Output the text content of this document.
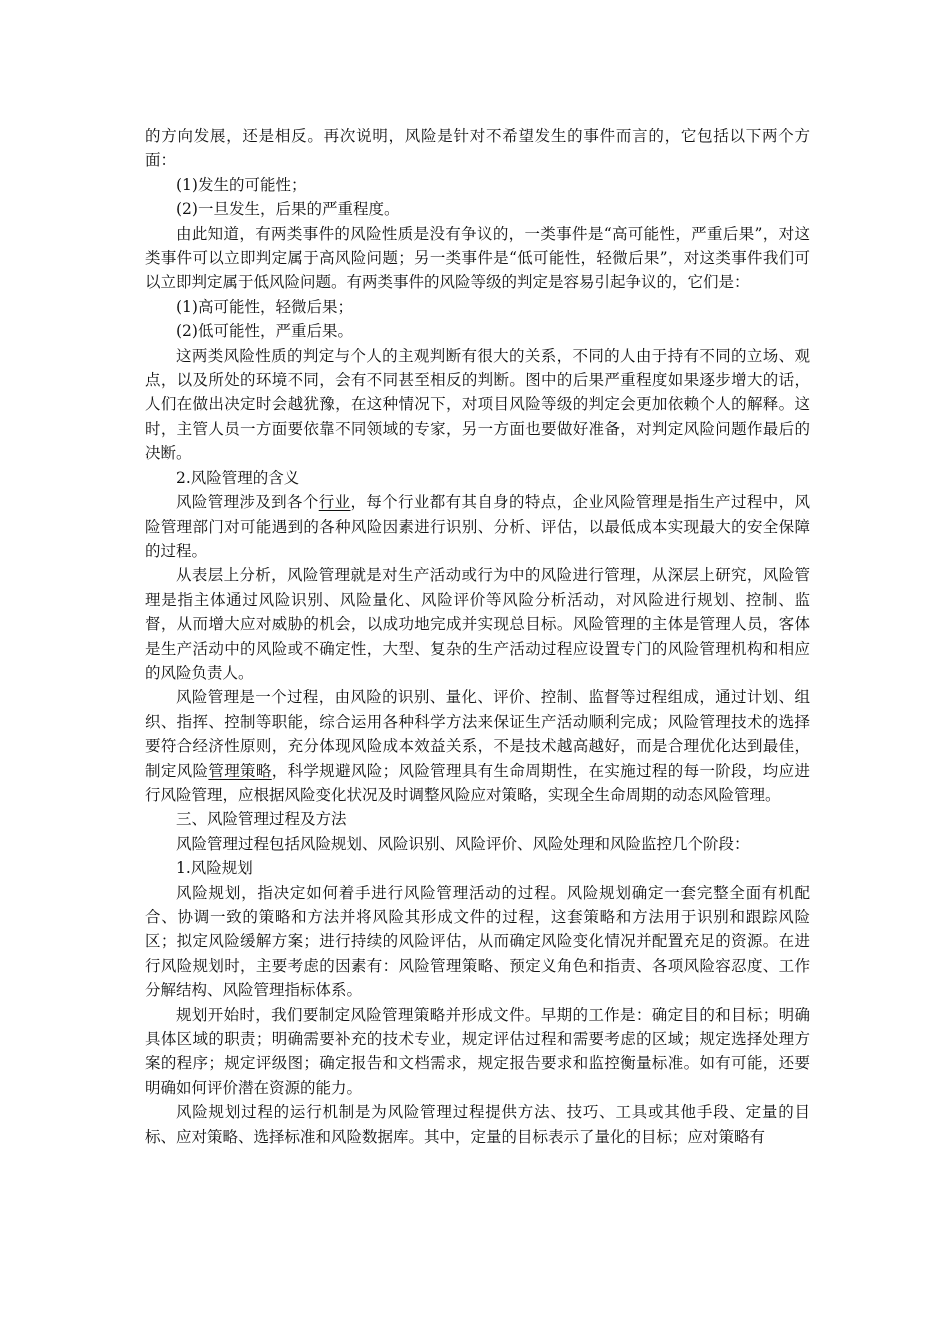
的方向发展，还是相反。再次说明，风险是针对不希望发生的事件而言的，它包括以下两个方面：

(1)发生的可能性；

(2)一旦发生，后果的严重程度。

由此知道，有两类事件的风险性质是没有争议的，一类事件是“高可能性，严重后果”，对这类事件可以立即判定属于高风险问题；另一类事件是“低可能性，轻微后果”，对这类事件我们可以立即判定属于低风险问题。有两类事件的风险等级的判定是容易引起争议的，它们是：

(1)高可能性，轻微后果；

(2)低可能性，严重后果。

这两类风险性质的判定与个人的主观判断有很大的关系，不同的人由于持有不同的立场、观点，以及所处的环境不同，会有不同甚至相反的判断。图中的后果严重程度如果逐步增大的话，人们在做出决定时会越犹豫，在这种情况下，对项目风险等级的判定会更加依赖个人的解释。这时，主管人员一方面要依靠不同领域的专家，另一方面也要做好准备，对判定风险问题作最后的决断。

2.风险管理的含义

风险管理涉及到各个行业，每个行业都有其自身的特点，企业风险管理是指生产过程中，风险管理部门对可能遇到的各种风险因素进行识别、分析、评估，以最低成本实现最大的安全保障的过程。

从表层上分析，风险管理就是对生产活动或行为中的风险进行管理，从深层上研究，风险管理是指主体通过风险识别、风险量化、风险评价等风险分析活动，对风险进行规划、控制、监督，从而增大应对威胁的机会，以成功地完成并实现总目标。风险管理的主体是管理人员，客体是生产活动中的风险或不确定性，大型、复杂的生产活动过程应设置专门的风险管理机构和相应的风险负责人。

风险管理是一个过程，由风险的识别、量化、评价、控制、监督等过程组成，通过计划、组织、指挥、控制等职能，综合运用各种科学方法来保证生产活动顺利完成；风险管理技术的选择要符合经济性原则，充分体现风险成本效益关系，不是技术越高越好，而是合理优化达到最佳，制定风险管理策略，科学规避风险；风险管理具有生命周期性，在实施过程的每一阶段，均应进行风险管理，应根据风险变化状况及时调整风险应对策略，实现全生命周期的动态风险管理。

三、风险管理过程及方法

风险管理过程包括风险规划、风险识别、风险评价、风险处理和风险监控几个阶段：

1.风险规划

风险规划，指决定如何着手进行风险管理活动的过程。风险规划确定一套完整全面有机配合、协调一致的策略和方法并将风险其形成文件的过程，这套策略和方法用于识别和跟踪风险区；拟定风险缓解方案；进行持续的风险评估，从而确定风险变化情况并配置充足的资源。在进行风险规划时，主要考虑的因素有：风险管理策略、预定义角色和指责、各项风险容忍度、工作分解结构、风险管理指标体系。

规划开始时，我们要制定风险管理策略并形成文件。早期的工作是：确定目的和目标；明确具体区域的职责；明确需要补充的技术专业，规定评估过程和需要考虑的区域；规定选择处理方案的程序；规定评级图；确定报告和文档需求，规定报告要求和监控衡量标准。如有可能，还要明确如何评价潜在资源的能力。

风险规划过程的运行机制是为风险管理过程提供方法、技巧、工具或其他手段、定量的目标、应对策略、选择标准和风险数据库。其中，定量的目标表示了量化的目标；应对策略有
